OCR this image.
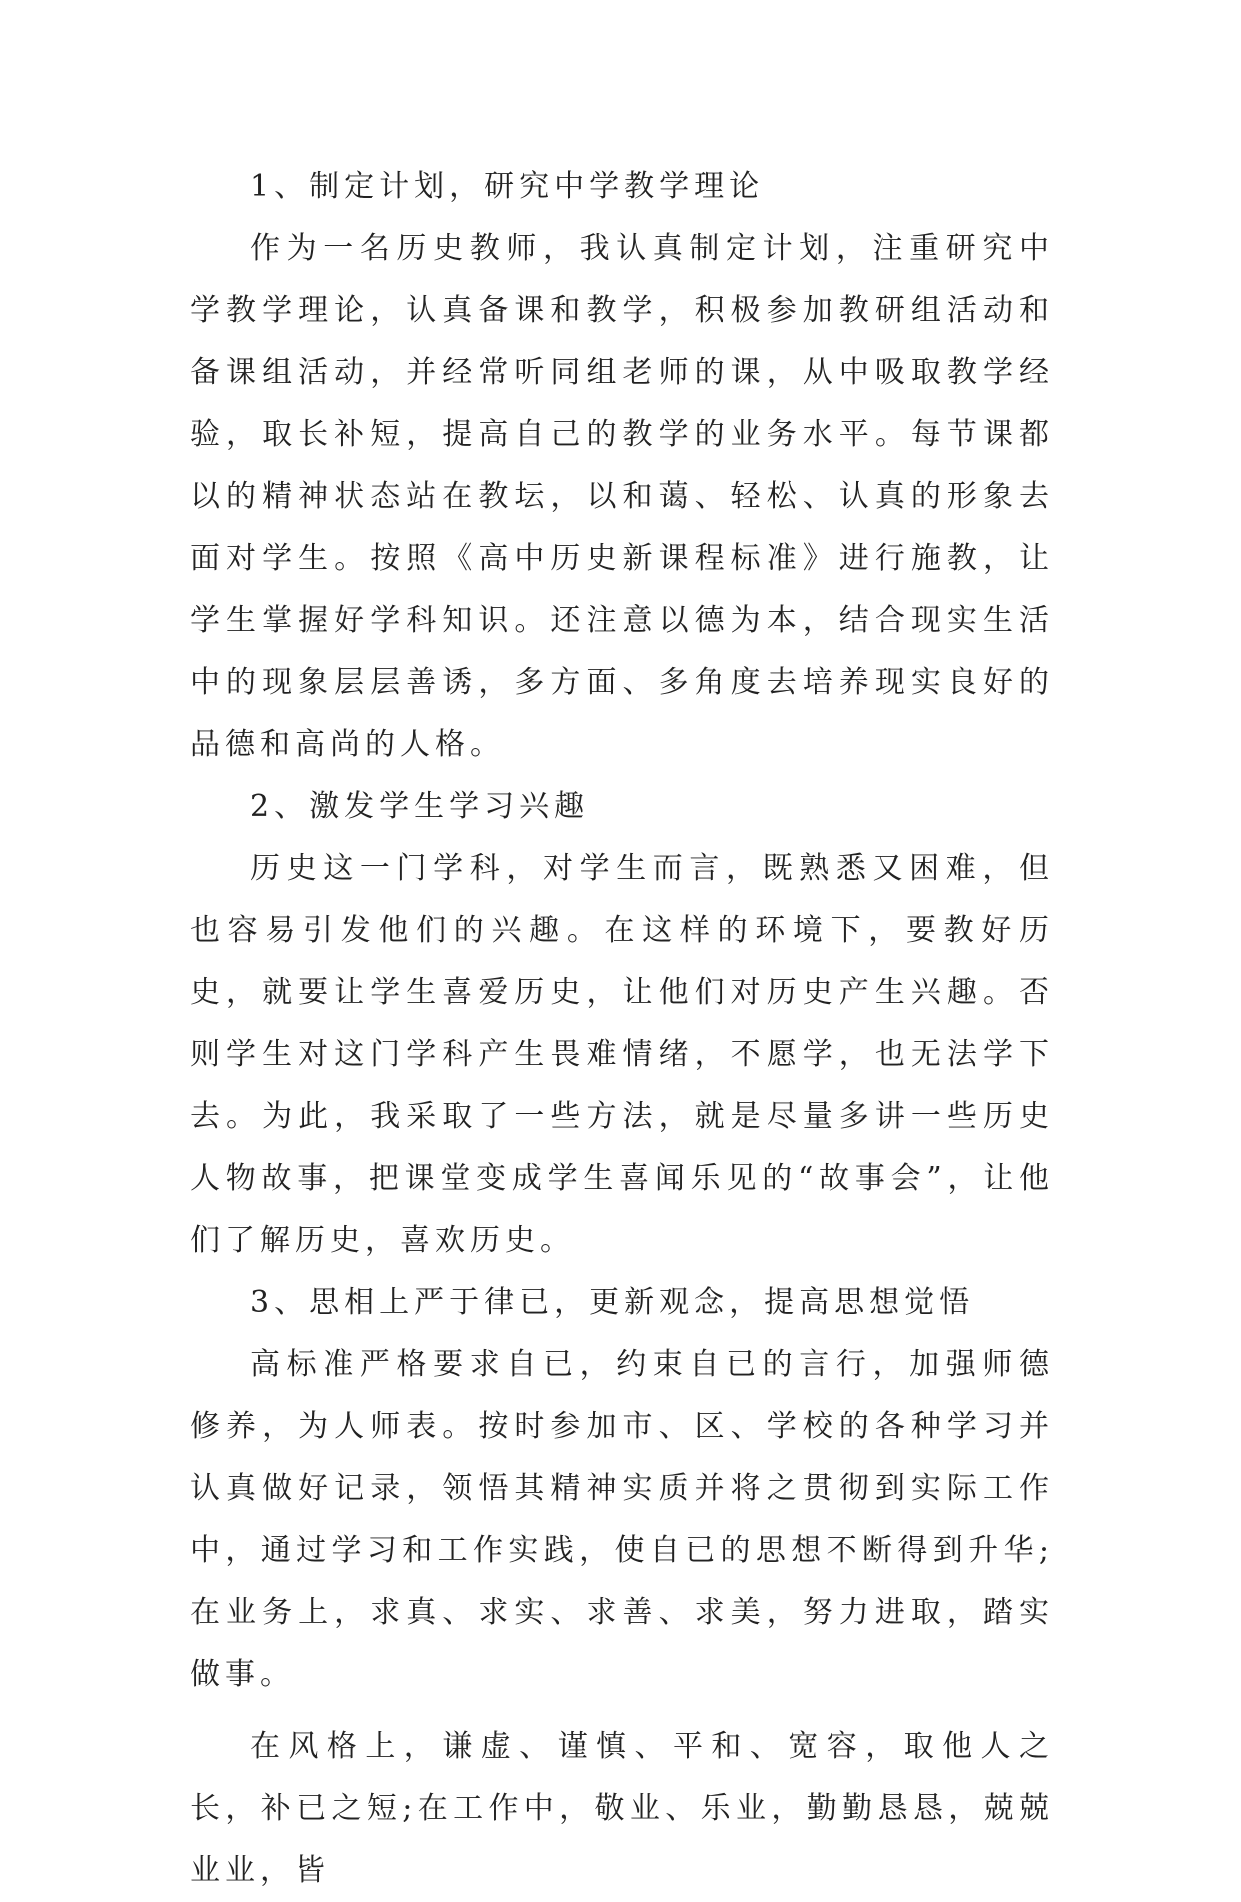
1、制定计划，研究中学教学理论

作为一名历史教师，我认真制定计划，注重研究中学教学理论，认真备课和教学，积极参加教研组活动和备课组活动，并经常听同组老师的课，从中吸取教学经验，取长补短，提高自己的教学的业务水平。每节课都以的精神状态站在教坛，以和蔼、轻松、认真的形象去面对学生。按照《高中历史新课程标准》进行施教，让学生掌握好学科知识。还注意以德为本，结合现实生活中的现象层层善诱，多方面、多角度去培养现实良好的品德和高尚的人格。

2、激发学生学习兴趣

历史这一门学科，对学生而言，既熟悉又困难，但也容易引发他们的兴趣。在这样的环境下，要教好历史，就要让学生喜爱历史，让他们对历史产生兴趣。否则学生对这门学科产生畏难情绪，不愿学，也无法学下去。为此，我采取了一些方法，就是尽量多讲一些历史人物故事，把课堂变成学生喜闻乐见的“故事会”，让他们了解历史，喜欢历史。

3、思相上严于律已，更新观念，提高思想觉悟

高标准严格要求自已，约束自已的言行，加强师德修养，为人师表。按时参加市、区、学校的各种学习并认真做好记录，领悟其精神实质并将之贯彻到实际工作中，通过学习和工作实践，使自已的思想不断得到升华;在业务上，求真、求实、求善、求美，努力进取，踏实做事。

在风格上，谦虚、谨慎、平和、宽容，取他人之长，补已之短;在工作中，敬业、乐业，勤勤恳恳，兢兢业业，皆
